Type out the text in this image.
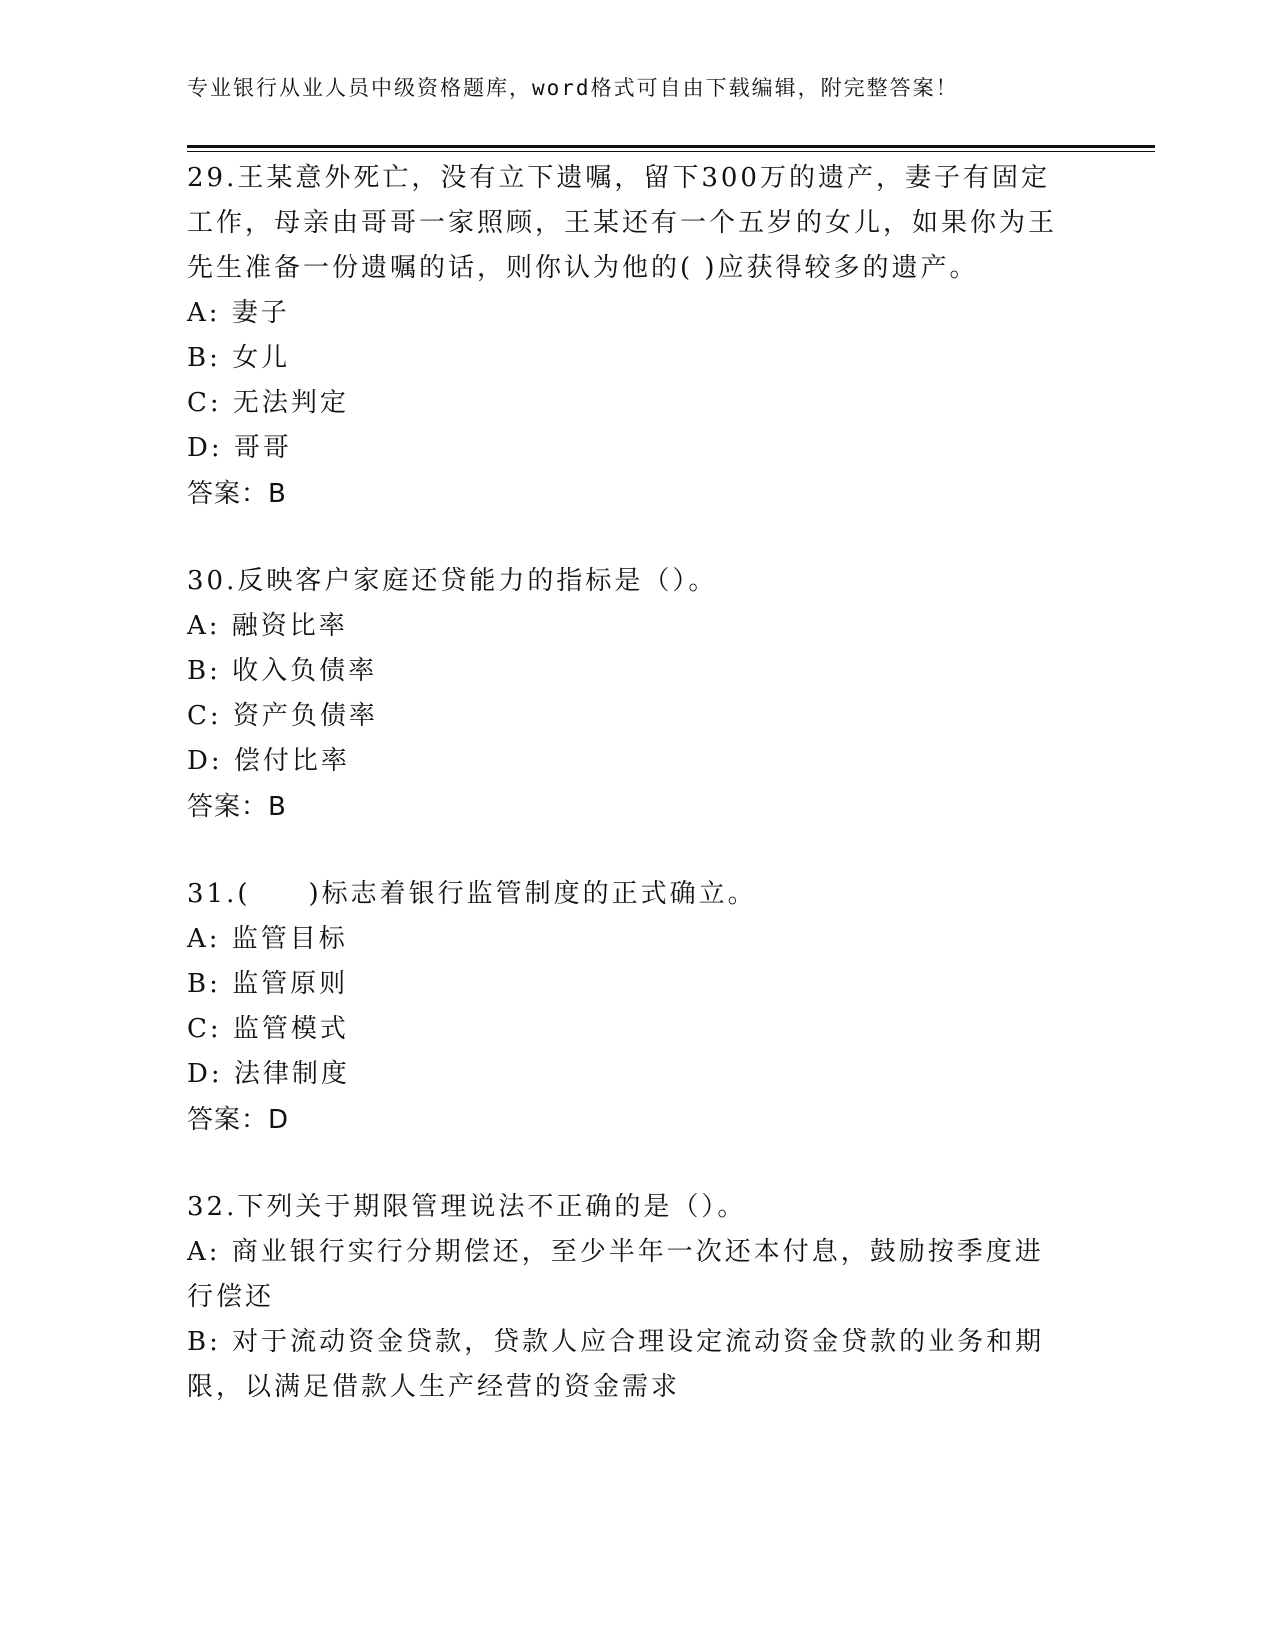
专业银行从业人员中级资格题库，word格式可自由下载编辑，附完整答案！
29.王某意外死亡，没有立下遗嘱，留下300万的遗产，妻子有固定工作，母亲由哥哥一家照顾，王某还有一个五岁的女儿，如果你为王先生准备一份遗嘱的话，则你认为他的( )应获得较多的遗产。
A: 妻子
B: 女儿
C: 无法判定
D: 哥哥
答案：B
30.反映客户家庭还贷能力的指标是（）。
A: 融资比率
B: 收入负债率
C: 资产负债率
D: 偿付比率
答案：B
31.(　　)标志着银行监管制度的正式确立。
A: 监管目标
B: 监管原则
C: 监管模式
D: 法律制度
答案：D
32.下列关于期限管理说法不正确的是（）。
A: 商业银行实行分期偿还，至少半年一次还本付息，鼓励按季度进行偿还
B: 对于流动资金贷款，贷款人应合理设定流动资金贷款的业务和期限，以满足借款人生产经营的资金需求
